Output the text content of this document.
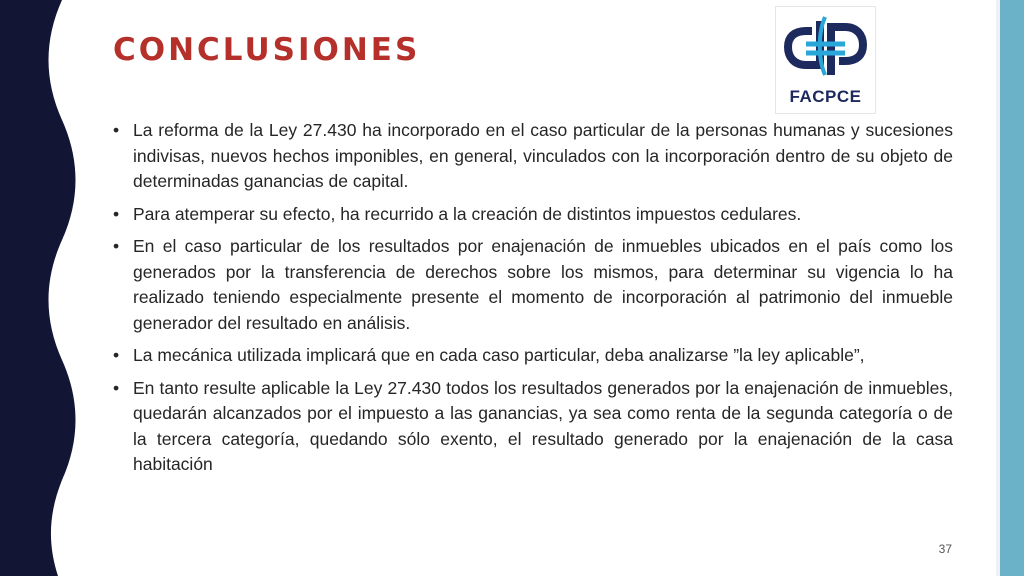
CONCLUSIONES
FACPCE
• La reforma de la Ley 27.430 ha incorporado en el caso particular de la personas humanas y sucesiones indivisas, nuevos hechos imponibles, en general, vinculados con la incorporación dentro de su objeto de determinadas ganancias de capital.
• Para atemperar su efecto, ha recurrido a la creación de distintos impuestos cedulares.
• En el caso particular de los resultados por enajenación de inmuebles ubicados en el país como los generados por la transferencia de derechos sobre los mismos, para determinar su vigencia lo ha realizado teniendo especialmente presente el momento de incorporación al patrimonio del inmueble generador del resultado en análisis.
• La mecánica utilizada implicará que en cada caso particular, deba analizarse ”la ley aplicable”,
• En tanto resulte aplicable la Ley 27.430 todos los resultados generados por la enajenación de inmuebles, quedarán alcanzados por el impuesto a las ganancias, ya sea como renta de la segunda categoría o de la tercera categoría, quedando sólo exento, el resultado generado por la enajenación de la casa habitación
37
